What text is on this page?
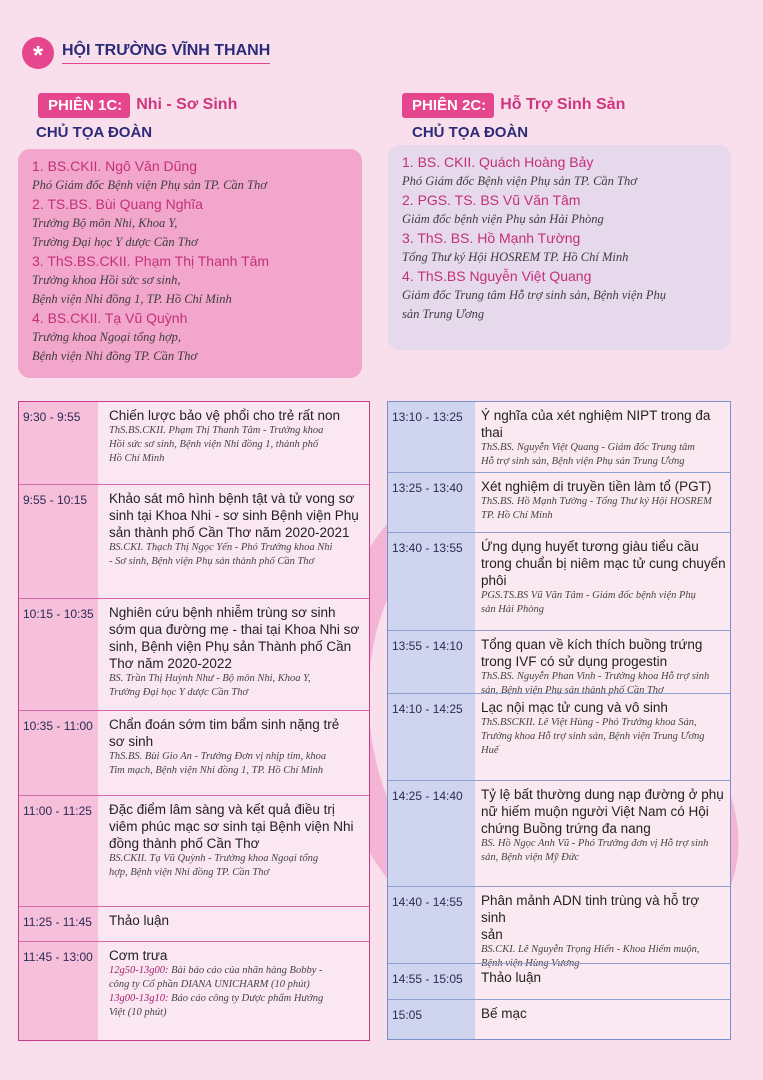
*	HỘI TRƯỜNG VĨNH THANH
PHIÊN 1C: Nhi - Sơ Sinh
CHỦ TỌA ĐOÀN
PHIÊN 2C: Hỗ Trợ Sinh Sản
CHỦ TỌA ĐOÀN
1. BS.CKII. Ngô Văn Dũng
Phó Giám đốc Bệnh viện Phụ sản TP. Cần Thơ
2. TS.BS. Bùi Quang Nghĩa
Trưởng Bộ môn Nhi, Khoa Y,
Trường Đại học Y dược Cần Thơ
3. ThS.BS.CKII. Phạm Thị Thanh Tâm
Trưởng khoa Hồi sức sơ sinh,
Bệnh viện Nhi đồng 1, TP. Hồ Chí Minh
4. BS.CKII. Tạ Vũ Quỳnh
Trưởng khoa Ngoại tổng hợp,
Bệnh viện Nhi đồng TP. Cần Thơ
1. BS. CKII. Quách Hoàng Bảy
Phó Giám đốc Bệnh viện Phụ sản TP. Cần Thơ
2. PGS. TS. BS Vũ Văn Tâm
Giám đốc bệnh viện Phụ sản Hải Phòng
3. ThS. BS. Hồ Mạnh Tường
Tổng Thư ký Hội HOSREM TP. Hồ Chí Minh
4. ThS.BS Nguyễn Việt Quang
Giám đốc Trung tâm Hỗ trợ sinh sản, Bệnh viện Phụ
sản Trung Ương
9:30 - 9:55 Chiến lược bảo vệ phổi cho trẻ rất non
ThS.BS.CKII. Phạm Thị Thanh Tâm - Trưởng khoa
Hồi sức sơ sinh, Bệnh viện Nhi đồng 1, thành phố
Hồ Chí Minh
9:55 - 10:15 Khảo sát mô hình bệnh tật và tử vong sơ
sinh tại Khoa Nhi - sơ sinh Bệnh viện Phụ
sản thành phố Cần Thơ năm 2020-2021
BS.CKI. Thạch Thị Ngọc Yến - Phó Trưởng khoa Nhi
- Sơ sinh, Bệnh viện Phụ sản thành phố Cần Thơ
10:15 - 10:35 Nghiên cứu bệnh nhiễm trùng sơ sinh
sớm qua đường mẹ - thai tại Khoa Nhi sơ
sinh, Bệnh viện Phụ sản Thành phố Cần
Thơ năm 2020-2022
BS. Trần Thị Huỳnh Như - Bộ môn Nhi, Khoa Y,
Trường Đại học Y dược Cần Thơ
10:35 - 11:00 Chẩn đoán sớm tim bẩm sinh nặng trẻ
sơ sinh
ThS.BS. Bùi Gio An - Trưởng Đơn vị nhịp tim, khoa
Tim mạch, Bệnh viện Nhi đồng 1, TP. Hồ Chí Minh
11:00 - 11:25 Đặc điểm lâm sàng và kết quả điều trị
viêm phúc mạc sơ sinh tại Bệnh viện Nhi
đồng thành phố Cần Thơ
BS.CKII. Tạ Vũ Quỳnh - Trưởng khoa Ngoại tổng
hợp, Bệnh viện Nhi đồng TP. Cần Thơ
11:25 - 11:45 Thảo luận
11:45 - 13:00 Cơm trưa
12g50-13g00: Bài báo cáo của nhãn hàng Bobby -
công ty Cổ phần DIANA UNICHARM (10 phút)
13g00-13g10: Báo cáo công ty Dược phẩm Hướng
Việt (10 phút)
13:10 - 13:25 Ý nghĩa của xét nghiệm NIPT trong đa
thai
ThS.BS. Nguyễn Việt Quang - Giám đốc Trung tâm
Hỗ trợ sinh sản, Bệnh viện Phụ sản Trung Ương
13:25 - 13:40 Xét nghiệm di truyền tiền làm tổ (PGT)
ThS.BS. Hồ Mạnh Tường - Tổng Thư ký Hội HOSREM
TP. Hồ Chí Minh
13:40 - 13:55 Ứng dụng huyết tương giàu tiểu cầu
trong chuẩn bị niêm mạc tử cung chuyển
phôi
PGS.TS.BS Vũ Văn Tâm - Giám đốc bệnh viện Phụ
sản Hải Phòng
13:55 - 14:10 Tổng quan về kích thích buồng trứng
trong IVF có sử dụng progestin
ThS.BS. Nguyễn Phan Vinh - Trưởng khoa Hỗ trợ sinh
sản, Bệnh viện Phụ sản thành phố Cần Thơ
14:10 - 14:25 Lạc nội mạc tử cung và vô sinh
ThS.BSCKII. Lê Việt Hùng - Phó Trưởng khoa Sản,
Trưởng khoa Hỗ trợ sinh sản, Bệnh viện Trung Ương
Huế
14:25 - 14:40 Tỷ lệ bất thường dung nạp đường ở phụ
nữ hiếm muộn người Việt Nam có Hội
chứng Buồng trứng đa nang
BS. Hồ Ngọc Anh Vũ - Phó Trưởng đơn vị Hỗ trợ sinh
sản, Bệnh viện Mỹ Đức
14:40 - 14:55 Phân mảnh ADN tinh trùng và hỗ trợ sinh
sản
BS.CKI. Lê Nguyễn Trọng Hiển - Khoa Hiếm muộn,
Bệnh viện Hùng Vương
14:55 - 15:05 Thảo luận
15:05	Bế mạc
